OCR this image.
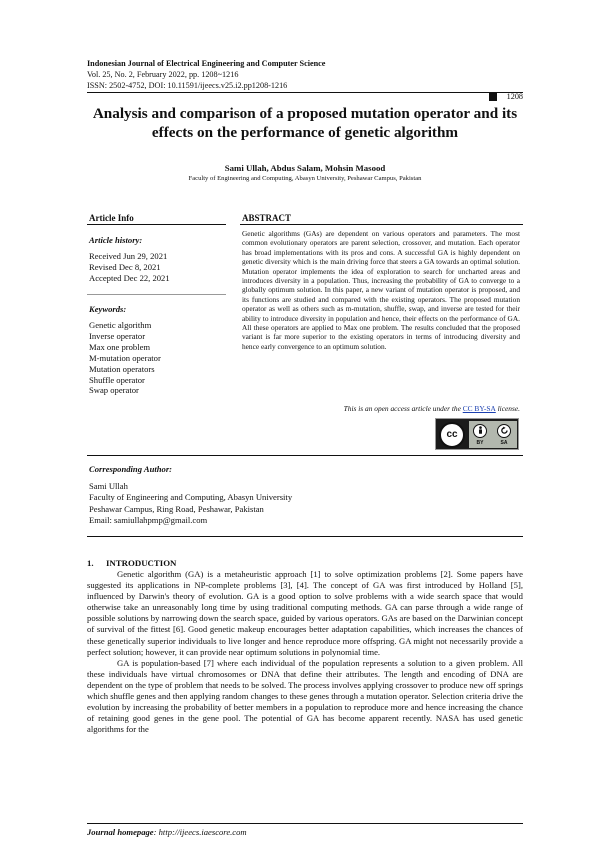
Indonesian Journal of Electrical Engineering and Computer Science
Vol. 25, No. 2, February 2022, pp. 1208~1216
ISSN: 2502-4752, DOI: 10.11591/ijeecs.v25.i2.pp1208-1216
1208
Analysis and comparison of a proposed mutation operator and its effects on the performance of genetic algorithm
Sami Ullah, Abdus Salam, Mohsin Masood
Faculty of Engineering and Computing, Abasyn University, Peshawar Campus, Pakistan
Article Info	ABSTRACT
Article history:
Received Jun 29, 2021
Revised Dec 8, 2021
Accepted Dec 22, 2021
Keywords:
Genetic algorithm
Inverse operator
Max one problem
M-mutation operator
Mutation operators
Shuffle operator
Swap operator
Genetic algorithms (GAs) are dependent on various operators and parameters. The most common evolutionary operators are parent selection, crossover, and mutation. Each operator has broad implementations with its pros and cons. A successful GA is highly dependent on genetic diversity which is the main driving force that steers a GA towards an optimal solution. Mutation operator implements the idea of exploration to search for uncharted areas and introduces diversity in a population. Thus, increasing the probability of GA to converge to a globally optimum solution. In this paper, a new variant of mutation operator is proposed, and its functions are studied and compared with the existing operators. The proposed mutation operator as well as others such as m-mutation, shuffle, swap, and inverse are tested for their ability to introduce diversity in population and hence, their effects on the performance of GA. All these operators are applied to Max one problem. The results concluded that the proposed variant is far more superior to the existing operators in terms of introducing diversity and hence early convergence to an optimum solution.
This is an open access article under the CC BY-SA license.
cc
BY	SA
Corresponding Author:
Sami Ullah
Faculty of Engineering and Computing, Abasyn University
Peshawar Campus, Ring Road, Peshawar, Pakistan
Email: samiullahpmp@gmail.com
1. INTRODUCTION

Genetic algorithm (GA) is a metaheuristic approach [1] to solve optimization problems [2]. Some papers have suggested its applications in NP-complete problems [3], [4]. The concept of GA was first introduced by Holland [5], influenced by Darwin's theory of evolution. GA is a good option to solve problems with a wide search space that would otherwise take an unreasonably long time by using traditional computing methods. GA can parse through a wide range of possible solutions by narrowing down the search space, guided by various operators. GAs are based on the Darwinian concept of survival of the fittest [6]. Good genetic makeup encourages better adaptation capabilities, which increases the chances of these genetically superior individuals to live longer and hence reproduce more offspring. GA might not necessarily provide a perfect solution; however, it can provide near optimum solutions in polynomial time.

GA is population-based [7] where each individual of the population represents a solution to a given problem. All these individuals have virtual chromosomes or DNA that define their attributes. The length and encoding of DNA are dependent on the type of problem that needs to be solved. The process involves applying crossover to produce new off springs which shuffle genes and then applying random changes to these genes through a mutation operator. Selection criteria drive the evolution by increasing the probability of better members in a population to reproduce more and hence increasing the chance of retaining good genes in the gene pool. The potential of GA has become apparent recently. NASA has used genetic algorithms for the

Journal homepage: http://ijeecs.iaescore.com
